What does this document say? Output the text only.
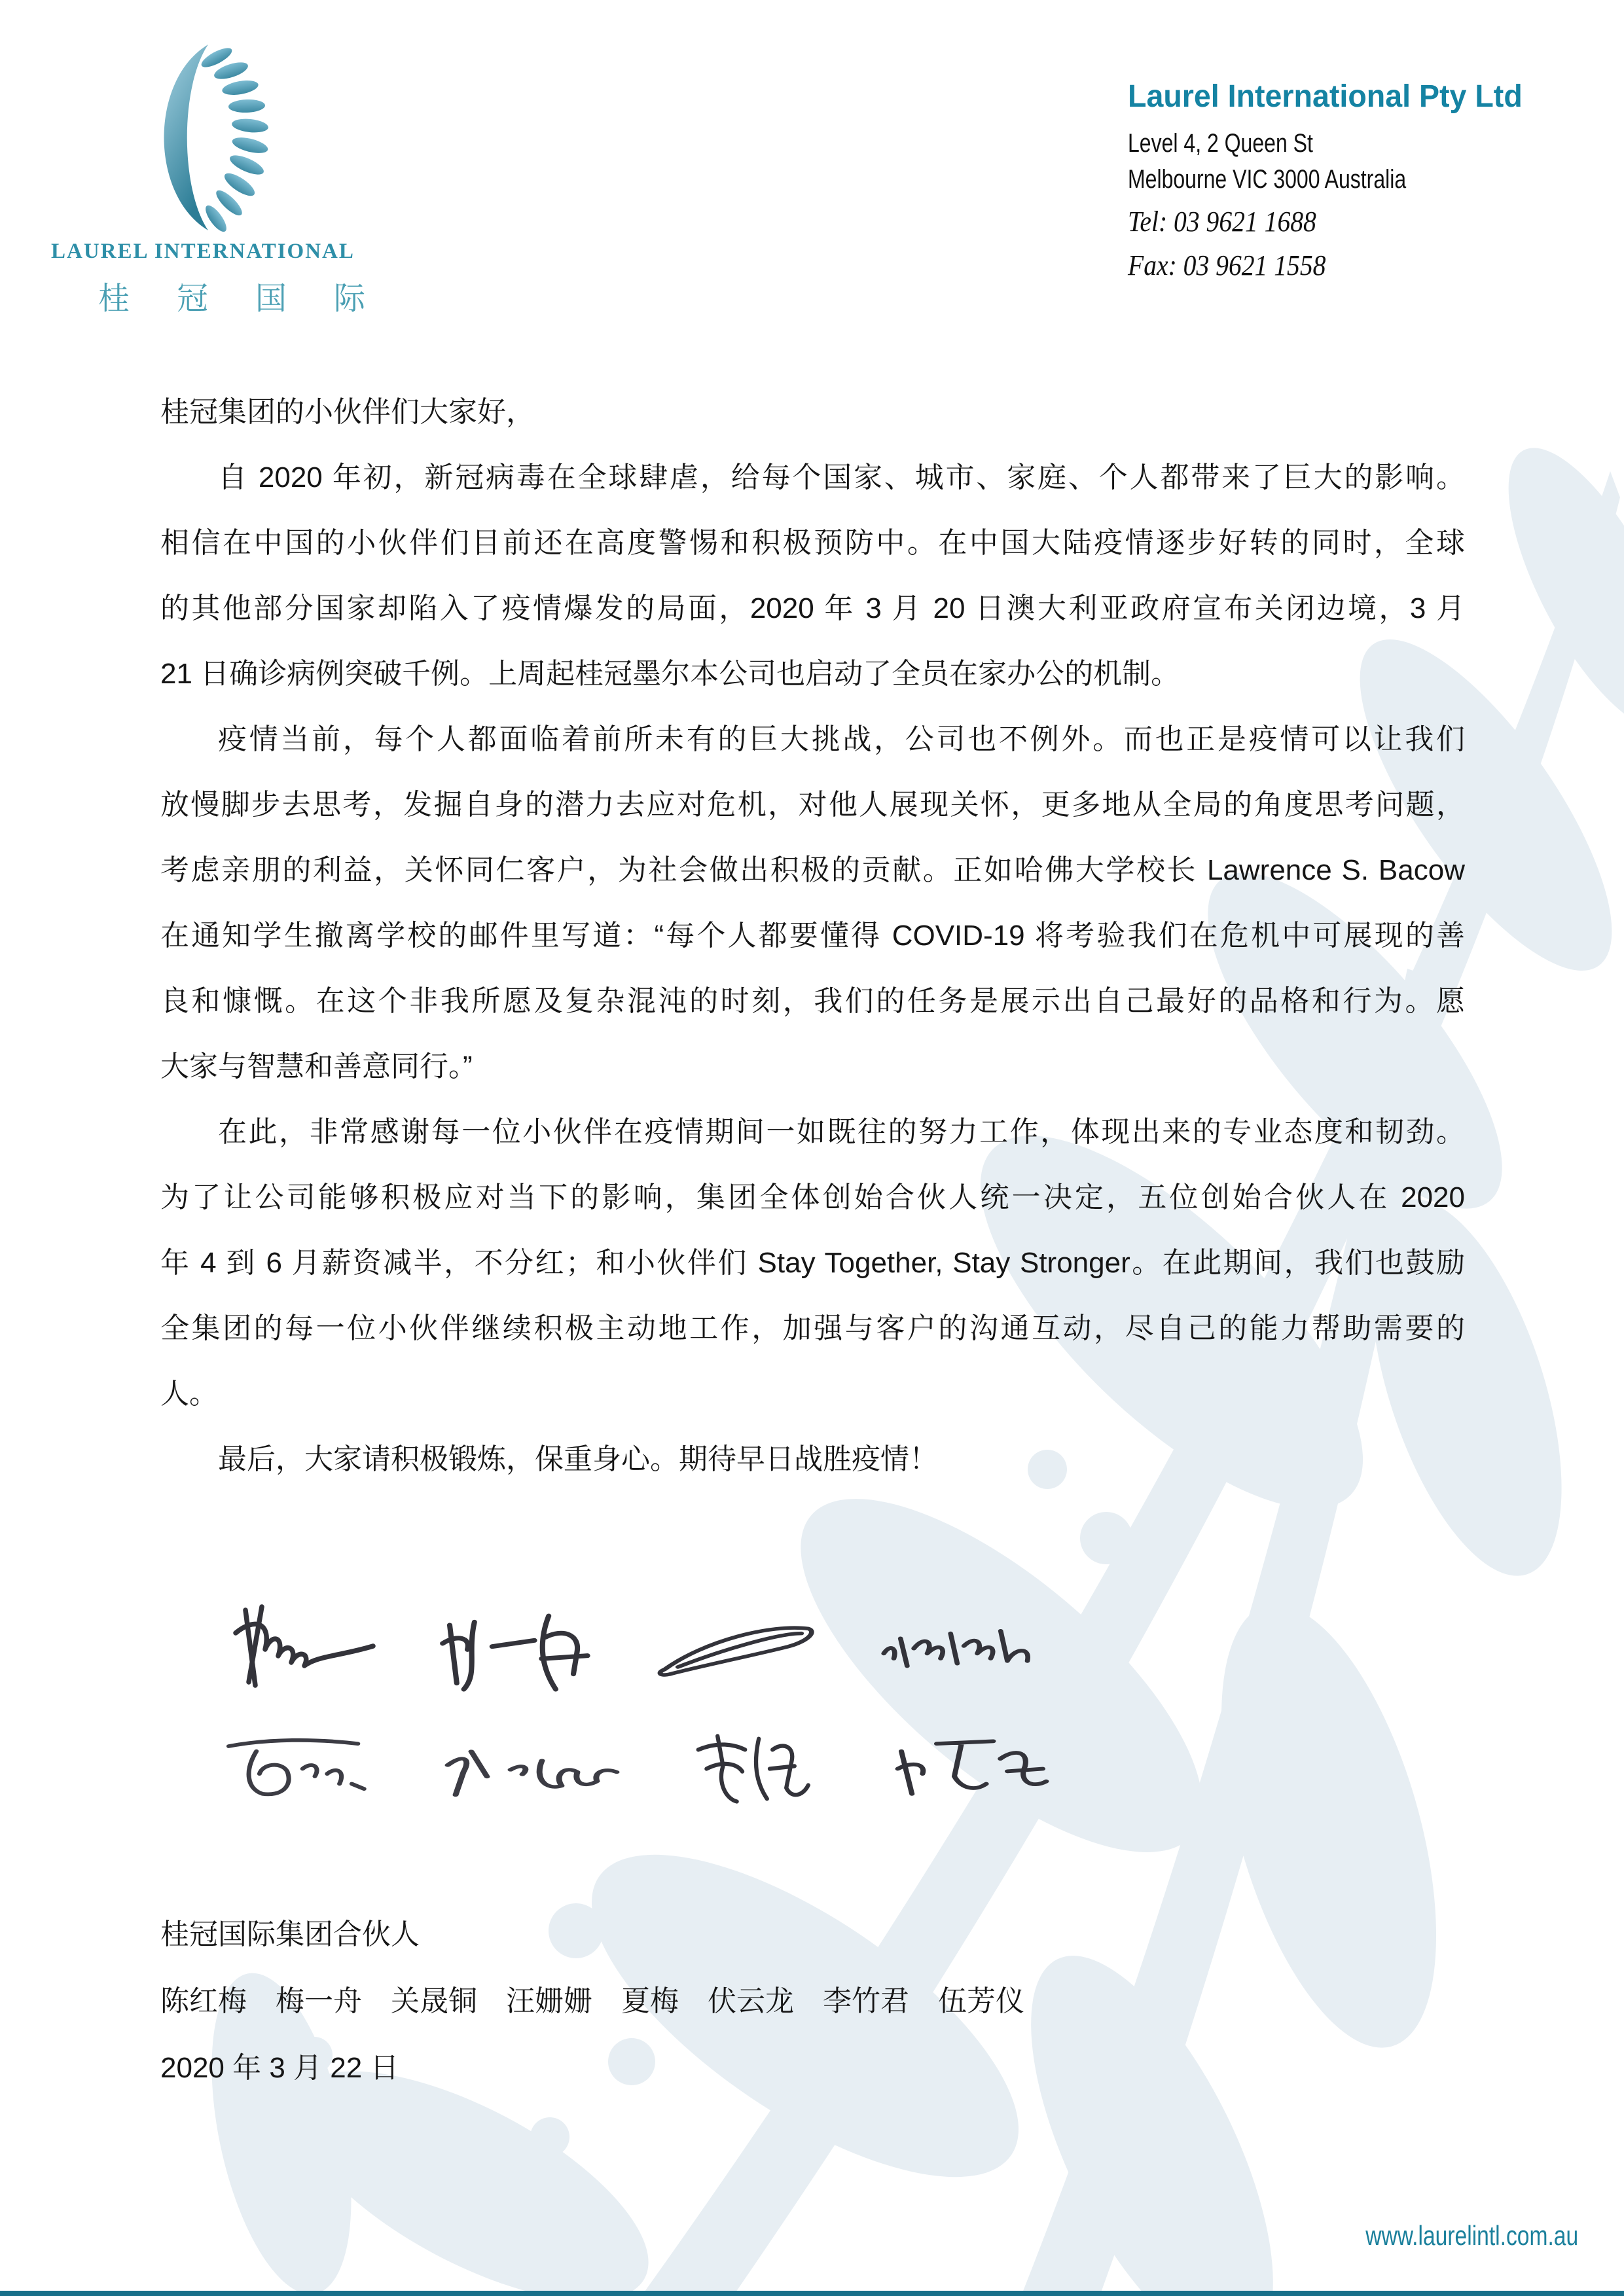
LAUREL INTERNATIONAL
桂冠国际
Laurel International Pty Ltd
Level 4, 2 Queen St
Melbourne VIC 3000 Australia
Tel: 03 9621 1688
Fax: 03 9621 1558
桂冠集团的小伙伴们大家好，
自 2020 年初，新冠病毒在全球肆虐，给每个国家、城市、家庭、个人都带来了巨大的影响。
相信在中国的小伙伴们目前还在高度警惕和积极预防中。在中国大陆疫情逐步好转的同时，全球
的其他部分国家却陷入了疫情爆发的局面，2020 年 3 月 20 日澳大利亚政府宣布关闭边境，3 月
21 日确诊病例突破千例。上周起桂冠墨尔本公司也启动了全员在家办公的机制。
疫情当前，每个人都面临着前所未有的巨大挑战，公司也不例外。而也正是疫情可以让我们
放慢脚步去思考，发掘自身的潜力去应对危机，对他人展现关怀，更多地从全局的角度思考问题，
考虑亲朋的利益，关怀同仁客户，为社会做出积极的贡献。正如哈佛大学校长 Lawrence S. Bacow
在通知学生撤离学校的邮件里写道：“每个人都要懂得 COVID-19 将考验我们在危机中可展现的善
良和慷慨。在这个非我所愿及复杂混沌的时刻，我们的任务是展示出自己最好的品格和行为。愿
大家与智慧和善意同行。”
在此，非常感谢每一位小伙伴在疫情期间一如既往的努力工作，体现出来的专业态度和韧劲。
为了让公司能够积极应对当下的影响，集团全体创始合伙人统一决定，五位创始合伙人在 2020
年 4 到 6 月薪资减半，不分红；和小伙伴们 Stay Together, Stay Stronger。在此期间，我们也鼓励
全集团的每一位小伙伴继续积极主动地工作，加强与客户的沟通互动，尽自己的能力帮助需要的
人。
最后，大家请积极锻炼，保重身心。期待早日战胜疫情！
桂冠国际集团合伙人
陈红梅　梅一舟　关晟铜　汪姗姗　夏梅　伏云龙　李竹君　伍芳仪
2020 年 3 月 22 日
www.laurelintl.com.au
